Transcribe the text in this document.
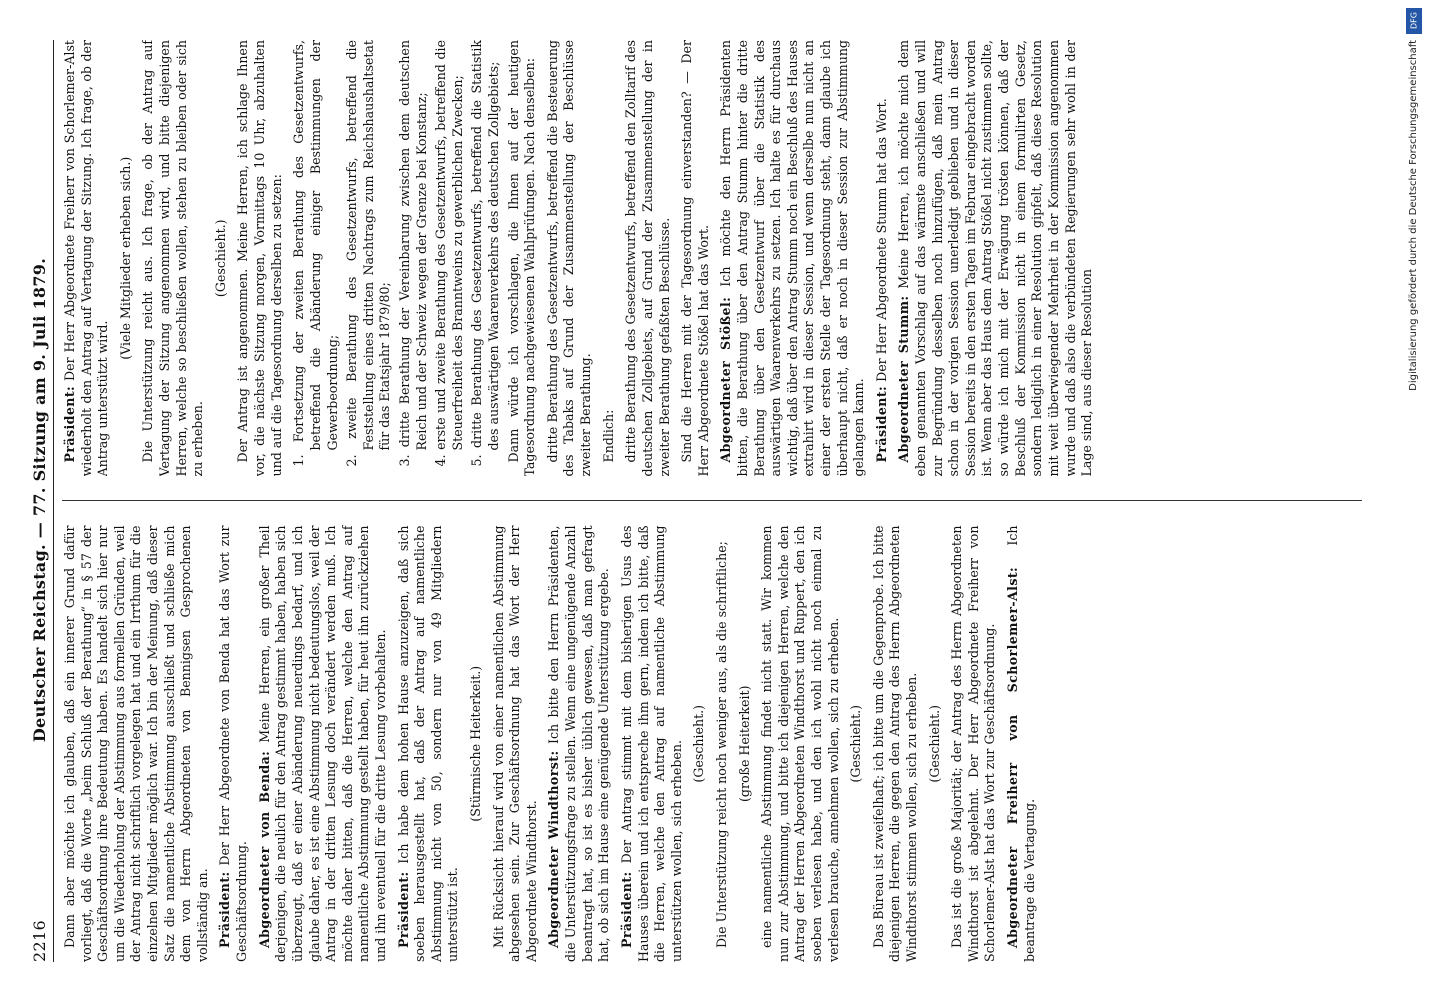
2216
Deutscher Reichstag. — 77. Sitzung am 9. Juli 1879. Dann aber möchte ich glauben, daß ein innerer Grund dafür vorliegt, daß die Worte „beim Schluß der Berathung“ in § 57 der Geschäftsordnung ihre Bedeutung haben. Es handelt sich hier nur um die Wiederholung der Abstimmung aus formellen Gründen, weil der Antrag nicht schriftlich vorgelegen hat und ein Irrthum für die einzelnen Mitglieder möglich war. Ich bin der Meinung, daß dieser Satz die namentliche Abstimmung ausschließt und schließe mich dem von Herrn Abgeordneten von Bennigsen Gesprochenen vollständig an. Präsident: Der Herr Abgeordnete von Benda hat das Wort zur Geschäftsordnung. Abgeordneter von Benda: Meine Herren, ein großer Theil derjenigen, die neulich für den Antrag gestimmt haben, haben sich überzeugt, daß er einer Abänderung neuerdings bedarf, und ich glaube daher, es ist eine Abstimmung nicht bedeutungslos, weil der Antrag in der dritten Lesung doch verändert werden muß. Ich möchte daher bitten, daß die Herren, welche den Antrag auf namentliche Abstimmung gestellt haben, für heut ihn zurückziehen und ihn eventuell für die dritte Lesung vorbehalten. Präsident: Ich habe dem hohen Hause anzuzeigen, daß sich soeben herausgestellt hat, daß der Antrag auf namentliche Abstimmung nicht von 50, sondern nur von 49 Mitgliedern unterstützt ist.

(Stürmische Heiterkeit.) Mit Rücksicht hierauf wird von einer namentlichen Abstimmung abgesehen sein. Zur Geschäftsordnung hat das Wort der Herr Abgeordnete Windthorst. Abgeordneter Windthorst: Ich bitte den Herrn Präsidenten, die Unterstützungsfrage zu stellen. Wenn eine ungenügende Anzahl beantragt hat, so ist es bisher üblich gewesen, daß man gefragt hat, ob sich im Hause eine genügende Unterstützung ergebe. Präsident: Der Antrag stimmt mit dem bisherigen Usus des Hauses überein und ich entspreche ihm gern, indem ich bitte, daß die Herren, welche den Antrag auf namentliche Abstimmung unterstützen wollen, sich erheben. (Geschieht.) Die Unterstützung reicht noch weniger aus, als die schriftliche; (große Heiterkeit) eine namentliche Abstimmung findet nicht statt. Wir kommen nun zur Abstimmung, und bitte ich diejenigen Herren, welche den Antrag der Herren Abgeordneten Windthorst und Ruppert, den ich soeben verlesen habe, und den ich wohl nicht noch einmal zu verlesen brauche, annehmen wollen, sich zu erheben. (Geschieht.) Das Büreau ist zweifelhaft; ich bitte um die Gegenprobe. Ich bitte diejenigen Herren, die gegen den Antrag des Herrn Abgeordneten Windthorst stimmen wollen, sich zu erheben. (Geschieht.) Das ist die große Majorität; der Antrag des Herrn Abgeordneten Windthorst ist abgelehnt. Der Herr Abgeordnete Freiherr von Schorlemer-Alst hat das Wort zur Geschäftsordnung. Abgeordneter Freiherr von Schorlemer-Alst: Ich beantrage die Vertagung.

Präsident: Der Herr Abgeordnete Freiherr von Schorlemer-Alst wiederholt den Antrag auf Vertagung der Sitzung. Ich frage, ob der Antrag unterstützt wird.

(Viele Mitglieder erheben sich.) Die Unterstützung reicht aus. Ich frage, ob der Antrag auf Vertagung der Sitzung angenommen wird, und bitte diejenigen Herren, welche so beschließen wollen, stehen zu bleiben oder sich zu erheben.

(Geschieht.) Der Antrag ist angenommen. Meine Herren, ich schlage Ihnen vor, die nächste Sitzung morgen, Vormittags 10 Uhr, abzuhalten und auf die Tagesordnung derselben zu setzen: 1. Fortsetzung der zweiten Berathung des Gesetzentwurfs, betreffend die Abänderung einiger Bestimmungen der Gewerbeordnung; 2. zweite Berathung des Gesetzentwurfs, betreffend die Feststellung eines dritten Nachtrags zum Reichshaushaltsetat für das Etatsjahr 1879/80; 3. dritte Berathung der Vereinbarung zwischen dem deutschen Reich und der Schweiz wegen der Grenze bei Konstanz; 4. erste und zweite Berathung des Gesetzentwurfs, betreffend die Steuerfreiheit des Branntweins zu gewerblichen Zwecken; 5. dritte Berathung des Gesetzentwurfs, betreffend die Statistik des auswärtigen Waarenverkehrs des deutschen Zollgebiets; Dann würde ich vorschlagen, die Ihnen auf der heutigen Tagesordnung nachgewiesenen Wahlprüfungen. Nach denselben: dritte Berathung des Gesetzentwurfs, betreffend die Besteuerung des Tabaks auf Grund der Zusammenstellung der Beschlüsse zweiter Berathung. Endlich: dritte Berathung des Gesetzentwurfs, betreffend den Zolltarif des deutschen Zollgebiets, auf Grund der Zusammenstellung der in zweiter Berathung gefaßten Beschlüsse. Sind die Herren mit der Tagesordnung einverstanden? — Der Herr Abgeordnete Stößel hat das Wort. Abgeordneter Stößel: Ich möchte den Herrn Präsidenten bitten, die Berathung über den Antrag Stumm hinter die dritte Berathung über den Gesetzentwurf über die Statistik des auswärtigen Waarenverkehrs zu setzen. Ich halte es für durchaus wichtig, daß über den Antrag Stumm noch ein Beschluß des Hauses extrahirt wird in dieser Session, und wenn derselbe nun nicht an einer der ersten Stelle der Tagesordnung steht, dann glaube ich überhaupt nicht, daß er noch in dieser Session zur Abstimmung gelangen kann. Präsident: Der Herr Abgeordnete Stumm hat das Wort. Abgeordneter Stumm: Meine Herren, ich möchte mich dem eben genannten Vorschlag auf das wärmste anschließen und will zur Begründung desselben noch hinzufügen, daß mein Antrag schon in der vorigen Session unerledigt geblieben und in dieser Session bereits in den ersten Tagen im Februar eingebracht worden ist. Wenn aber das Haus dem Antrag Stößel nicht zustimmen sollte, so würde ich mich mit der Erwägung trösten können, daß der Beschluß der Kommission nicht in einem formulirten Gesetz, sondern lediglich in einer Resolution gipfelt, daß diese Resolution mit weit überwiegender Mehrheit in der Kommission angenommen wurde und daß also die verbündeten Regierungen sehr wohl in der Lage sind, aus dieser Resolution

DFG
Digitalisierung gefördert durch die Deutsche Forschungsgemeinschaft
